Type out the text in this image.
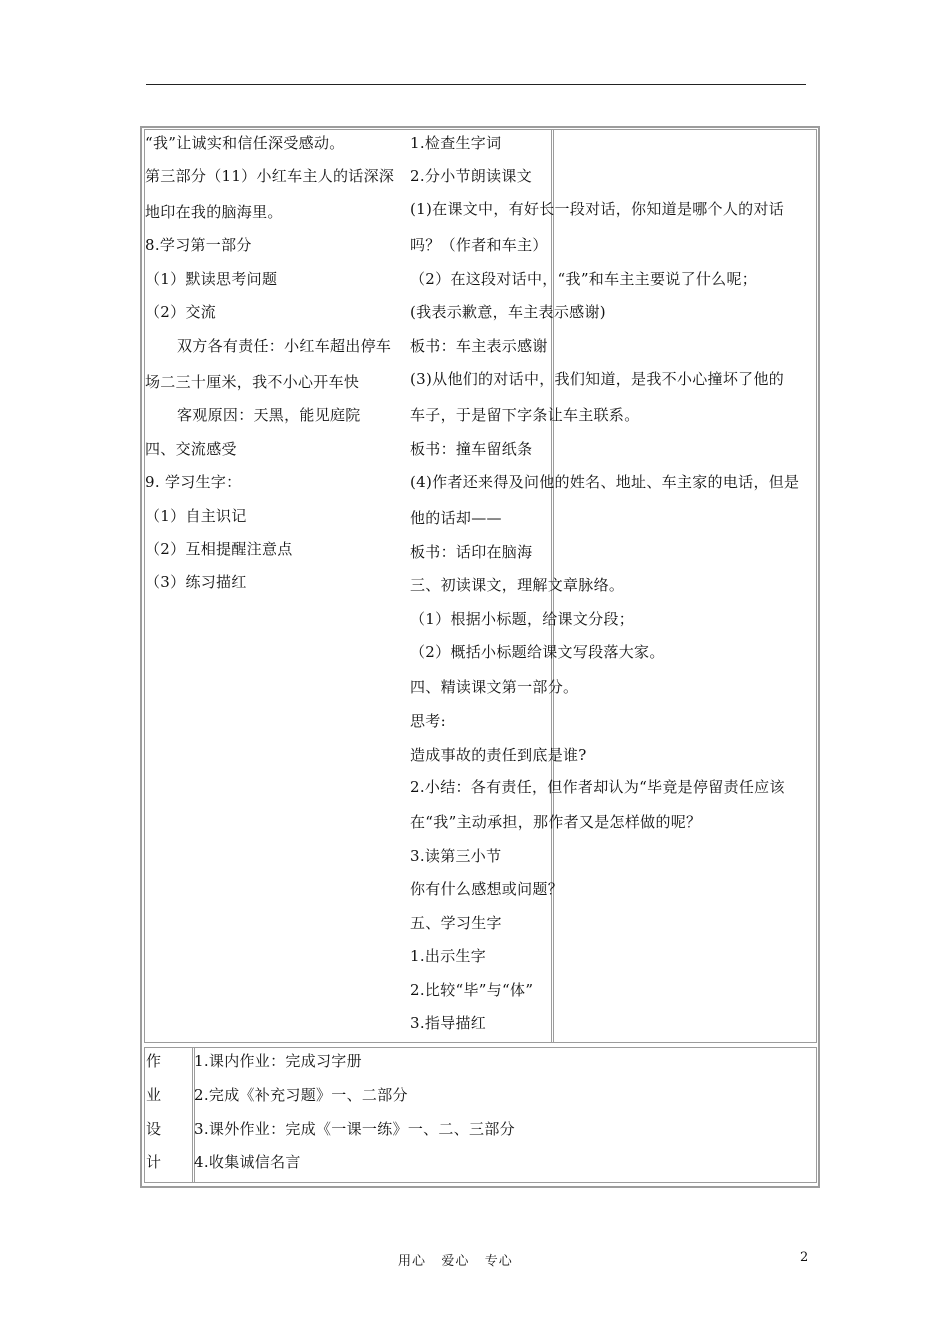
“我”让诚实和信任深受感动。
第三部分（11）小红车主人的话深深
地印在我的脑海里。
8.学习第一部分
（1）默读思考问题
（2）交流
双方各有责任：小红车超出停车
场二三十厘米，我不小心开车快
客观原因：天黑，能见庭院
四、交流感受
9. 学习生字：
（1）自主识记
（2）互相提醒注意点
（3）练习描红
1.检查生字词
2.分小节朗读课文
(1)在课文中，有好长一段对话，你知道是哪个人的对话
吗？（作者和车主）
（2）在这段对话中，“我”和车主主要说了什么呢；
(我表示歉意，车主表示感谢)
板书：车主表示感谢
(3)从他们的对话中，我们知道，是我不小心撞坏了他的
车子，于是留下字条让车主联系。
板书：撞车留纸条
(4)作者还来得及问他的姓名、地址、车主家的电话，但是
他的话却——
板书：话印在脑海
三、初读课文，理解文章脉络。
（1）根据小标题，给课文分段；
（2）概括小标题给课文写段落大家。
四、精读课文第一部分。
思考:
造成事故的责任到底是谁?
2.小结：各有责任，但作者却认为“毕竟是停留责任应该
在“我”主动承担，那作者又是怎样做的呢？
3.读第三小节
你有什么感想或问题？
五、学习生字
1.出示生字
2.比较“毕”与“体”
3.指导描红
作
业
设
计
1.课内作业：完成习字册
2.完成《补充习题》一、二部分
3.课外作业：完成《一课一练》一、二、三部分
4.收集诚信名言
用心   爱心   专心	2
